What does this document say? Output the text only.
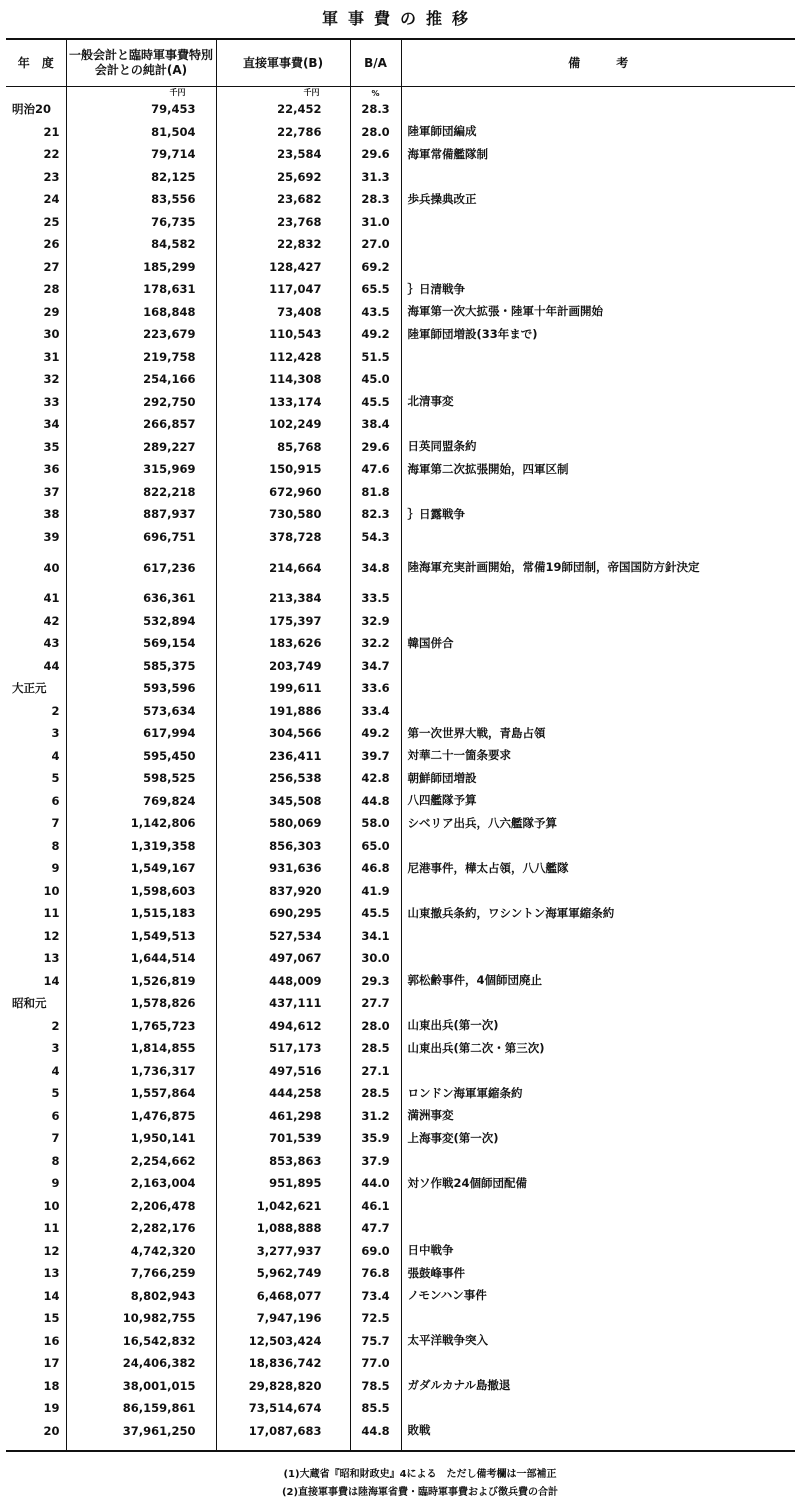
軍事費の推移
年　度	一般会計と臨時軍事費特別会計との純計(A)	直接軍事費(B)	B/A	備　　　考
	千円	千円	%	
明治20	79,453	22,452	28.3	
21	81,504	22,786	28.0	陸軍師団編成
22	79,714	23,584	29.6	海軍常備艦隊制
23	82,125	25,692	31.3	
24	83,556	23,682	28.3	歩兵操典改正
25	76,735	23,768	31.0	
26	84,582	22,832	27.0	
27	185,299	128,427	69.2	
28	178,631	117,047	65.5	｝日清戦争
29	168,848	73,408	43.5	海軍第一次大拡張・陸軍十年計画開始
30	223,679	110,543	49.2	陸軍師団増設(33年まで)
31	219,758	112,428	51.5	
32	254,166	114,308	45.0	
33	292,750	133,174	45.5	北清事変
34	266,857	102,249	38.4	
35	289,227	85,768	29.6	日英同盟条約
36	315,969	150,915	47.6	海軍第二次拡張開始，四軍区制
37	822,218	672,960	81.8	
38	887,937	730,580	82.3	｝日露戦争
39	696,751	378,728	54.3	
40	617,236	214,664	34.8	陸海軍充実計画開始，常備19師団制，帝国国防方針決定
41	636,361	213,384	33.5	
42	532,894	175,397	32.9	
43	569,154	183,626	32.2	韓国併合
44	585,375	203,749	34.7	
大正元	593,596	199,611	33.6	
2	573,634	191,886	33.4	
3	617,994	304,566	49.2	第一次世界大戦，青島占領
4	595,450	236,411	39.7	対華二十一箇条要求
5	598,525	256,538	42.8	朝鮮師団増設
6	769,824	345,508	44.8	八四艦隊予算
7	1,142,806	580,069	58.0	シベリア出兵，八六艦隊予算
8	1,319,358	856,303	65.0	
9	1,549,167	931,636	46.8	尼港事件，樺太占領，八八艦隊
10	1,598,603	837,920	41.9	
11	1,515,183	690,295	45.5	山東撤兵条約，ワシントン海軍軍縮条約
12	1,549,513	527,534	34.1	
13	1,644,514	497,067	30.0	
14	1,526,819	448,009	29.3	郭松齢事件，4個師団廃止
昭和元	1,578,826	437,111	27.7	
2	1,765,723	494,612	28.0	山東出兵(第一次)
3	1,814,855	517,173	28.5	山東出兵(第二次・第三次)
4	1,736,317	497,516	27.1	
5	1,557,864	444,258	28.5	ロンドン海軍軍縮条約
6	1,476,875	461,298	31.2	満洲事変
7	1,950,141	701,539	35.9	上海事変(第一次)
8	2,254,662	853,863	37.9	
9	2,163,004	951,895	44.0	対ソ作戦24個師団配備
10	2,206,478	1,042,621	46.1	
11	2,282,176	1,088,888	47.7	
12	4,742,320	3,277,937	69.0	日中戦争
13	7,766,259	5,962,749	76.8	張鼓峰事件
14	8,802,943	6,468,077	73.4	ノモンハン事件
15	10,982,755	7,947,196	72.5	
16	16,542,832	12,503,424	75.7	太平洋戦争突入
17	24,406,382	18,836,742	77.0	
18	38,001,015	29,828,820	78.5	ガダルカナル島撤退
19	86,159,861	73,514,674	85.5	
20	37,961,250	17,087,683	44.8	敗戦

(1)大蔵省『昭和財政史』4による　ただし備考欄は一部補正
(2)直接軍事費は陸海軍省費・臨時軍事費および徴兵費の合計
